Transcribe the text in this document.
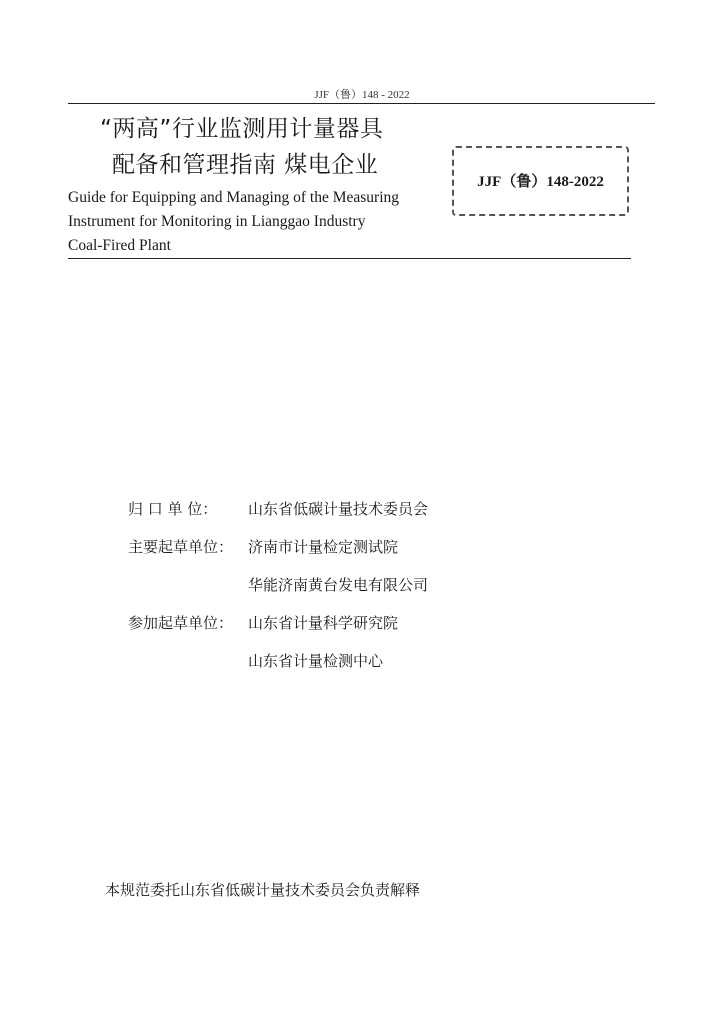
JJF（鲁）148 - 2022
“两高”行业监测用计量器具
配备和管理指南 煤电企业
Guide for Equipping and Managing of the Measuring
Instrument for Monitoring in Lianggao Industry
Coal-Fired Plant
JJF（鲁）148-2022
归 口 单 位： 山东省低碳计量技术委员会
主要起草单位： 济南市计量检定测试院
华能济南黄台发电有限公司
参加起草单位： 山东省计量科学研究院
山东省计量检测中心
本规范委托山东省低碳计量技术委员会负责解释
